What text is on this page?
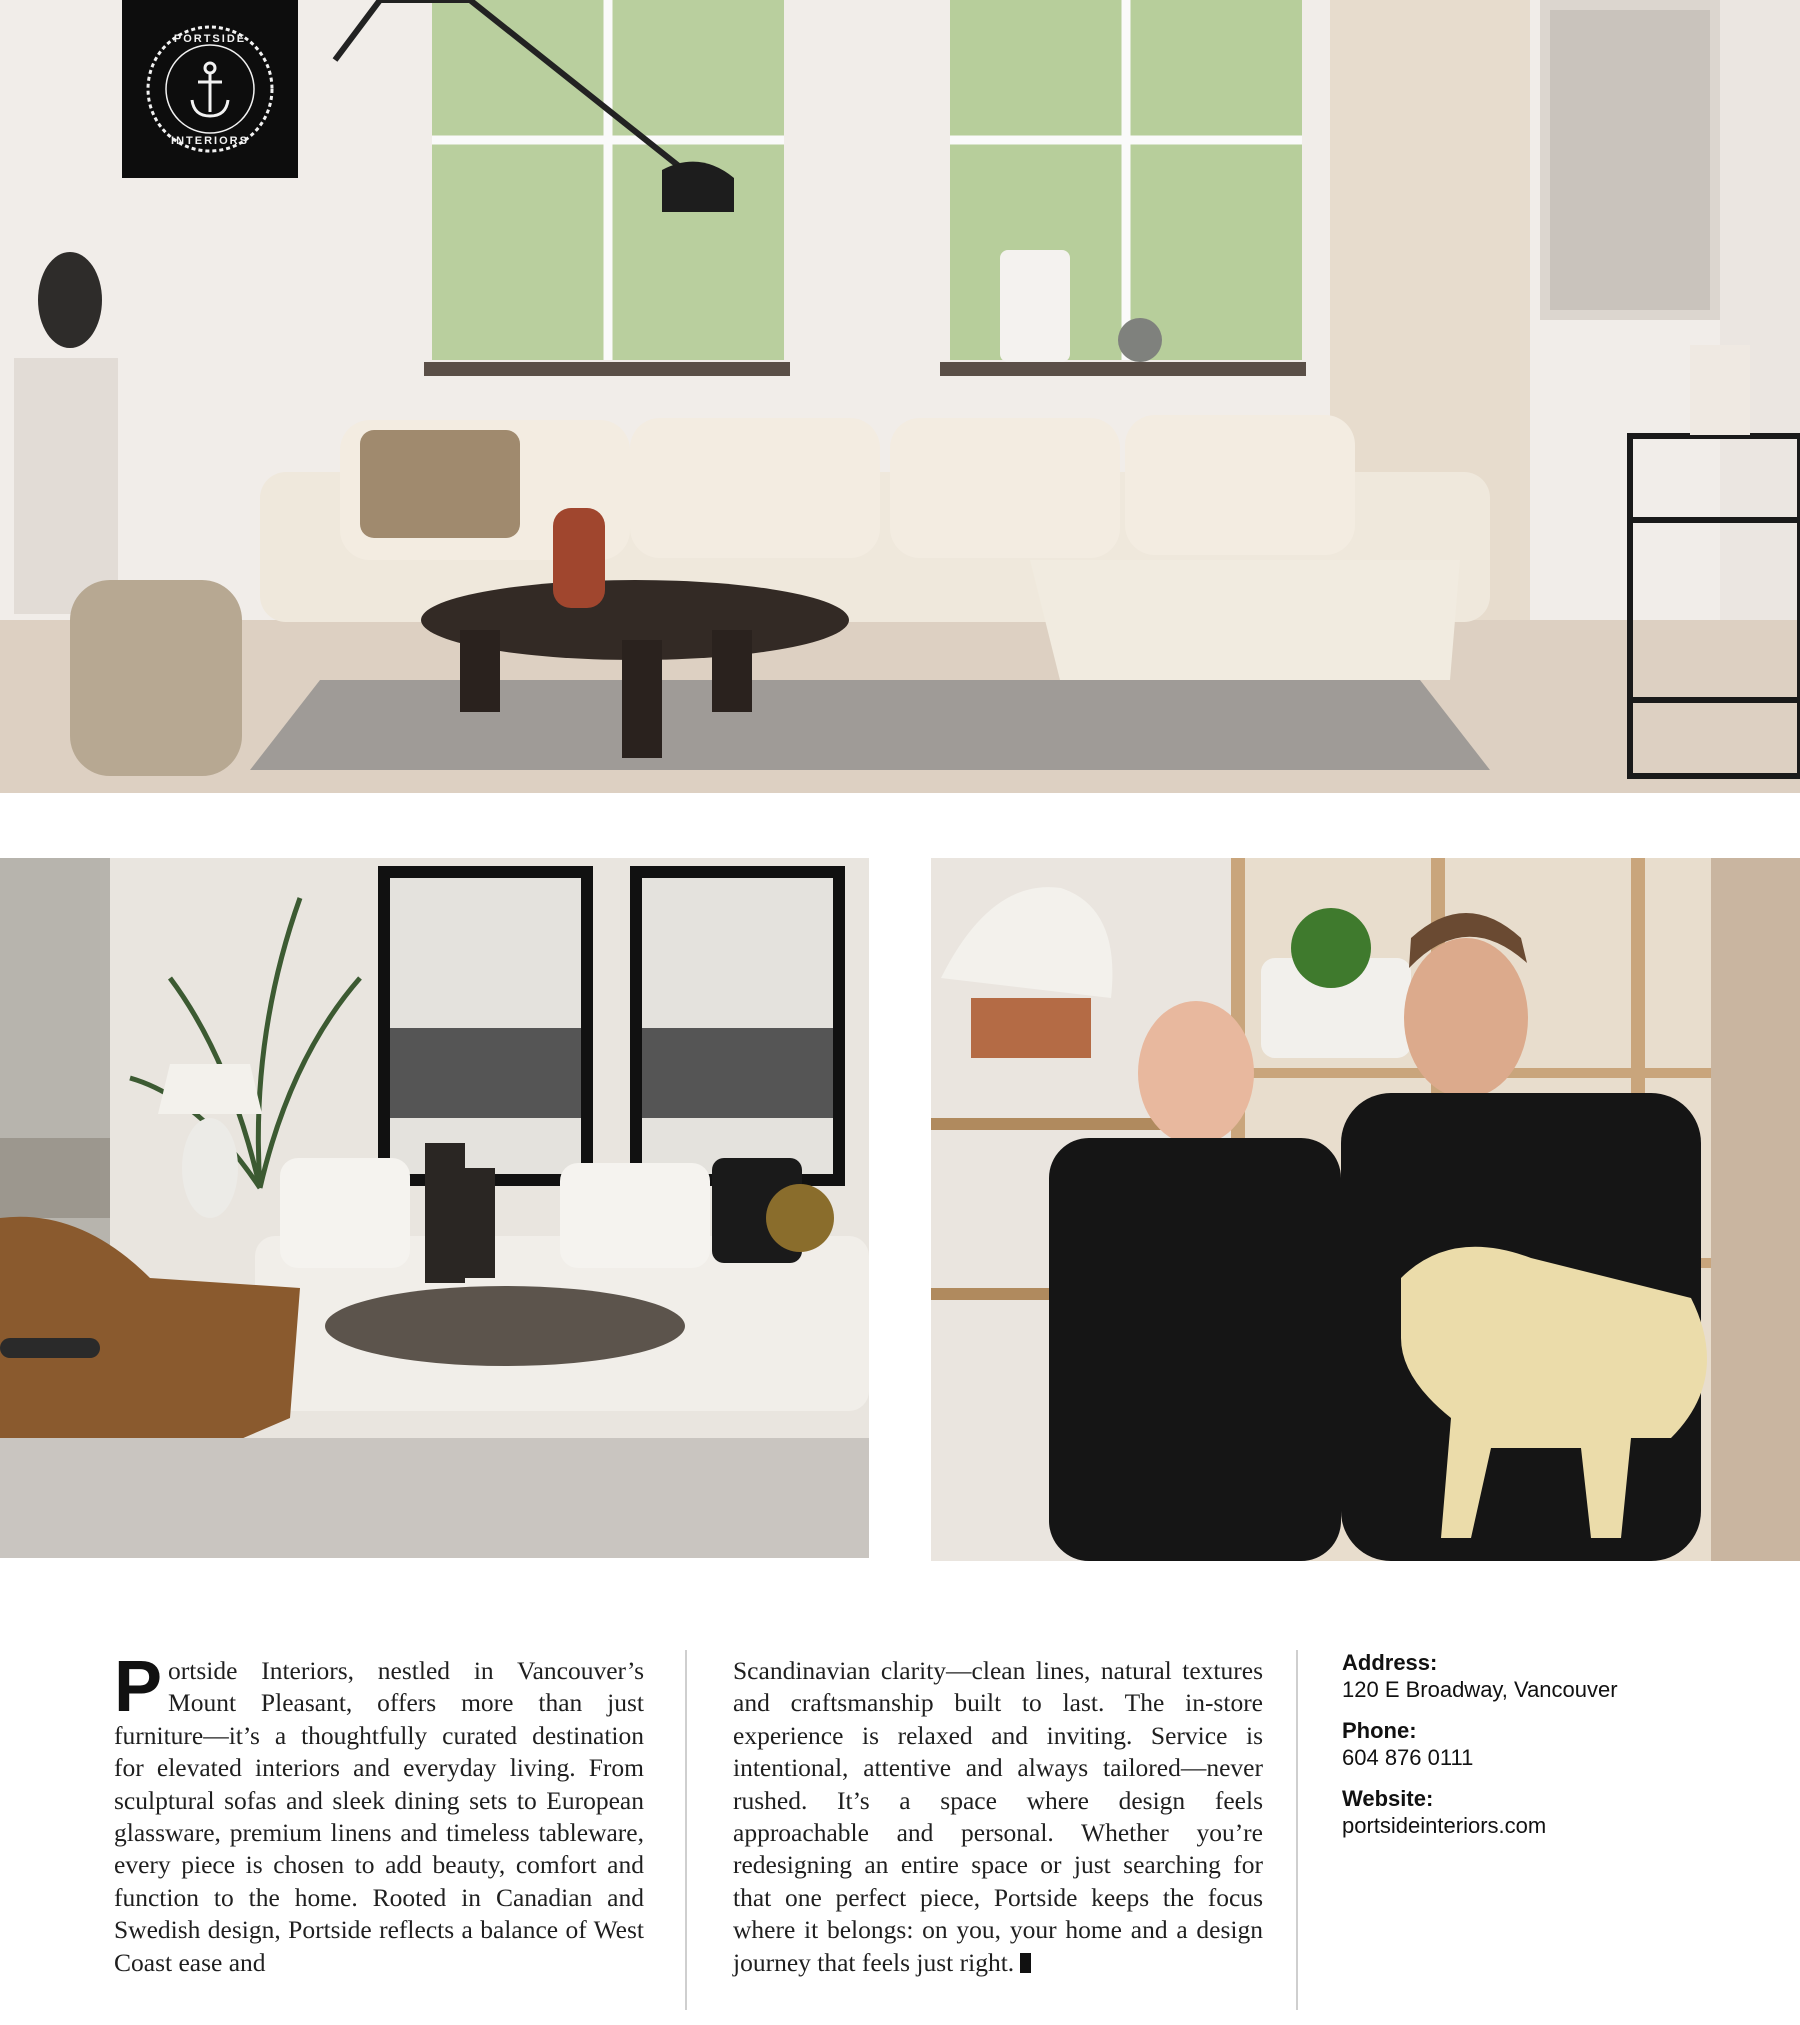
PORTSIDE
INTERIORS
Portside Interiors, nestled in Vancouver’s Mount Pleasant, offers more than just furniture—it’s a thoughtfully curated destination for elevated interiors and everyday living. From sculptural sofas and sleek dining sets to European glassware, premium linens and timeless tableware, every piece is chosen to add beauty, comfort and function to the home. Rooted in Canadian and Swedish design, Portside reflects a balance of West Coast ease and
Scandinavian clarity—clean lines, natural textures and craftsmanship built to last. The in-store experience is relaxed and inviting. Service is intentional, attentive and always tailored—never rushed. It’s a space where design feels approachable and personal. Whether you’re redesigning an entire space or just searching for that one perfect piece, Portside keeps the focus where it belongs: on you, your home and a design journey that feels just right.
Address:
120 E Broadway, Vancouver
Phone:
604 876 0111
Website:
portsideinteriors.com
